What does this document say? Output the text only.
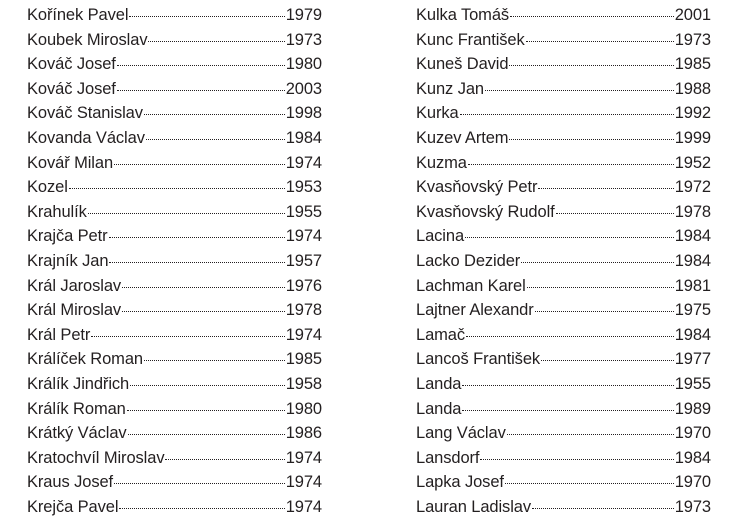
Kořínek Pavel	1979
Koubek Miroslav	1973
Kováč Josef	1980
Kováč Josef	2003
Kováč Stanislav	1998
Kovanda Václav	1984
Kovář Milan	1974
Kozel	1953
Krahulík	1955
Krajča Petr	1974
Krajník Jan	1957
Král Jaroslav	1976
Král Miroslav	1978
Král Petr	1974
Králíček Roman	1985
Králík Jindřich	1958
Králík Roman	1980
Krátký Václav	1986
Kratochvíl Miroslav	1974
Kraus Josef	1974
Krejča Pavel	1974
Kulka Tomáš	2001
Kunc František	1973
Kuneš David	1985
Kunz Jan	1988
Kurka	1992
Kuzev Artem	1999
Kuzma	1952
Kvasňovský Petr	1972
Kvasňovský Rudolf	1978
Lacina	1984
Lacko Dezider	1984
Lachman Karel	1981
Lajtner Alexandr	1975
Lamač	1984
Lancoš František	1977
Landa	1955
Landa	1989
Lang Václav	1970
Lansdorf	1984
Lapka Josef	1970
Lauran Ladislav	1973
